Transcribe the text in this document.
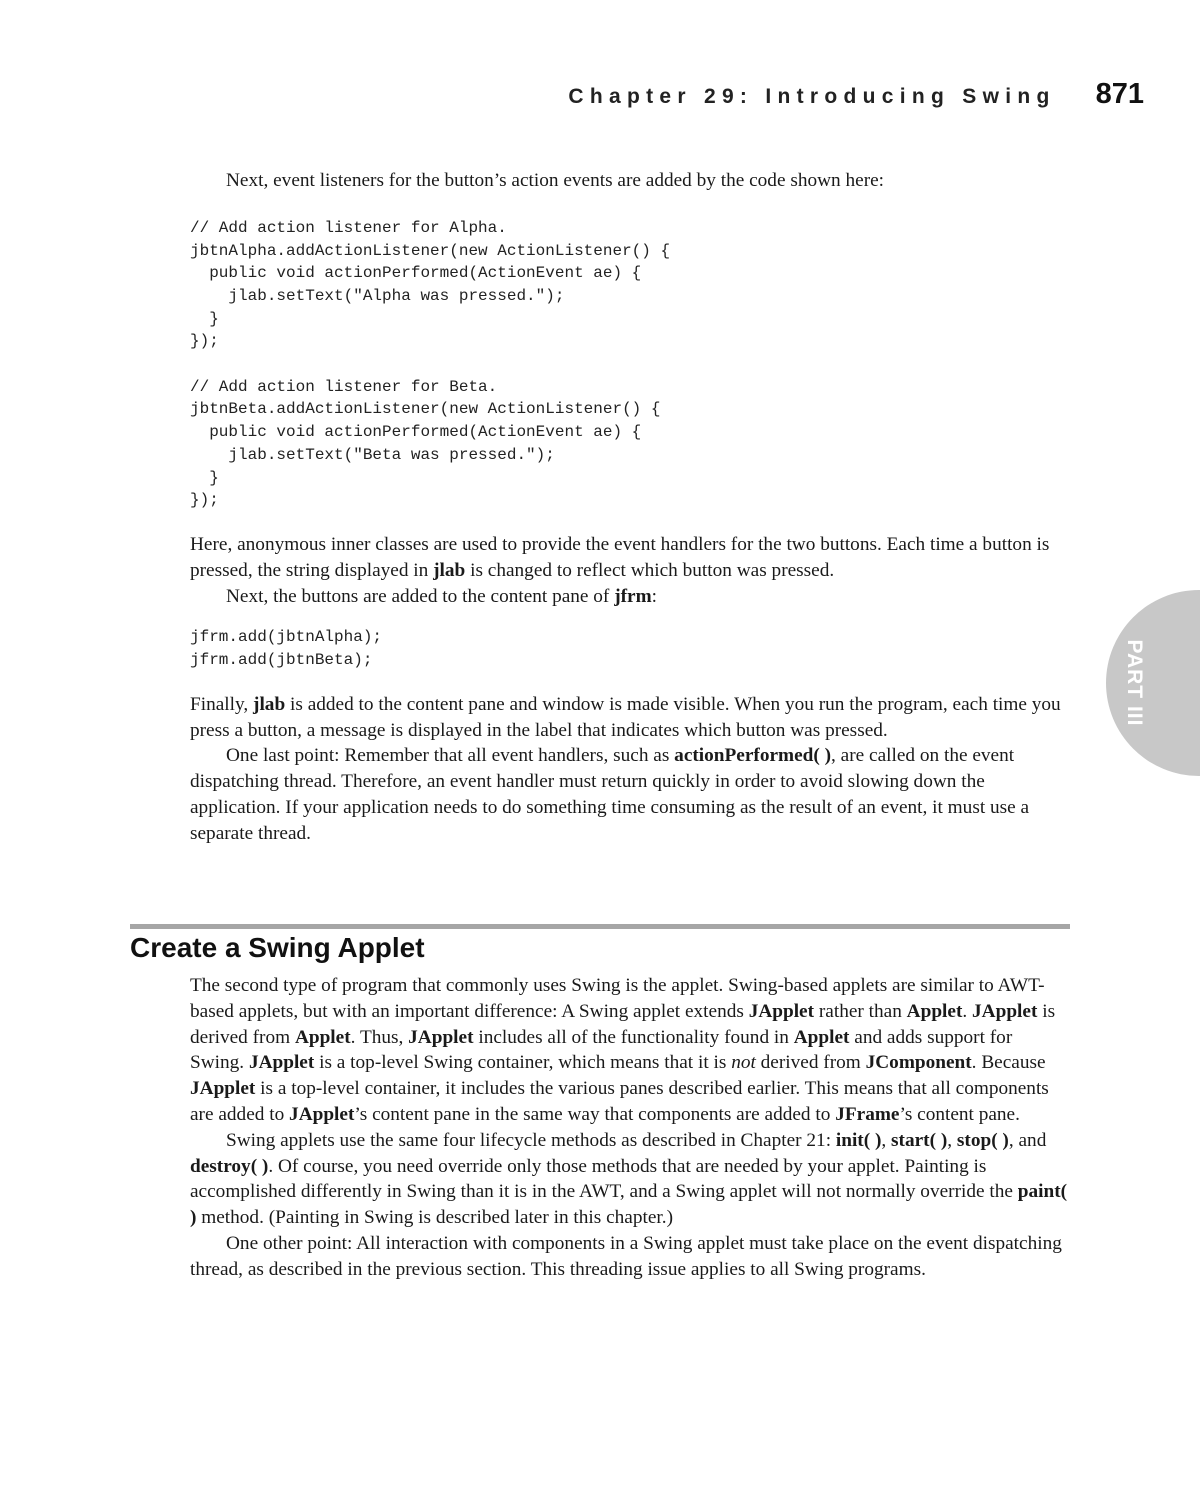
Chapter 29: Introducing Swing 871
PART III

Next, event listeners for the button’s action events are added by the code shown here:

// Add action listener for Alpha.
jbtnAlpha.addActionListener(new ActionListener() {
public void actionPerformed(ActionEvent ae) {
jlab.setText("Alpha was pressed.");
}
});

// Add action listener for Beta.
jbtnBeta.addActionListener(new ActionListener() {
public void actionPerformed(ActionEvent ae) {
jlab.setText("Beta was pressed.");
}
});

Here, anonymous inner classes are used to provide the event handlers for the two buttons. Each time a button is pressed, the string displayed in jlab is changed to reflect which button was pressed.

Next, the buttons are added to the content pane of jfrm:

jfrm.add(jbtnAlpha);
jfrm.add(jbtnBeta);

Finally, jlab is added to the content pane and window is made visible. When you run the program, each time you press a button, a message is displayed in the label that indicates which button was pressed.

One last point: Remember that all event handlers, such as actionPerformed( ), are called on the event dispatching thread. Therefore, an event handler must return quickly in order to avoid slowing down the application. If your application needs to do something time consuming as the result of an event, it must use a separate thread.

Create a Swing Applet

The second type of program that commonly uses Swing is the applet. Swing-based applets are similar to AWT-based applets, but with an important difference: A Swing applet extends JApplet rather than Applet. JApplet is derived from Applet. Thus, JApplet includes all of the functionality found in Applet and adds support for Swing. JApplet is a top-level Swing container, which means that it is not derived from JComponent. Because JApplet is a top-level container, it includes the various panes described earlier. This means that all components are added to JApplet’s content pane in the same way that components are added to JFrame’s content pane.

Swing applets use the same four lifecycle methods as described in Chapter 21: init( ), start( ), stop( ), and destroy( ). Of course, you need override only those methods that are needed by your applet. Painting is accomplished differently in Swing than it is in the AWT, and a Swing applet will not normally override the paint( ) method. (Painting in Swing is described later in this chapter.)

One other point: All interaction with components in a Swing applet must take place on the event dispatching thread, as described in the previous section. This threading issue applies to all Swing programs.
